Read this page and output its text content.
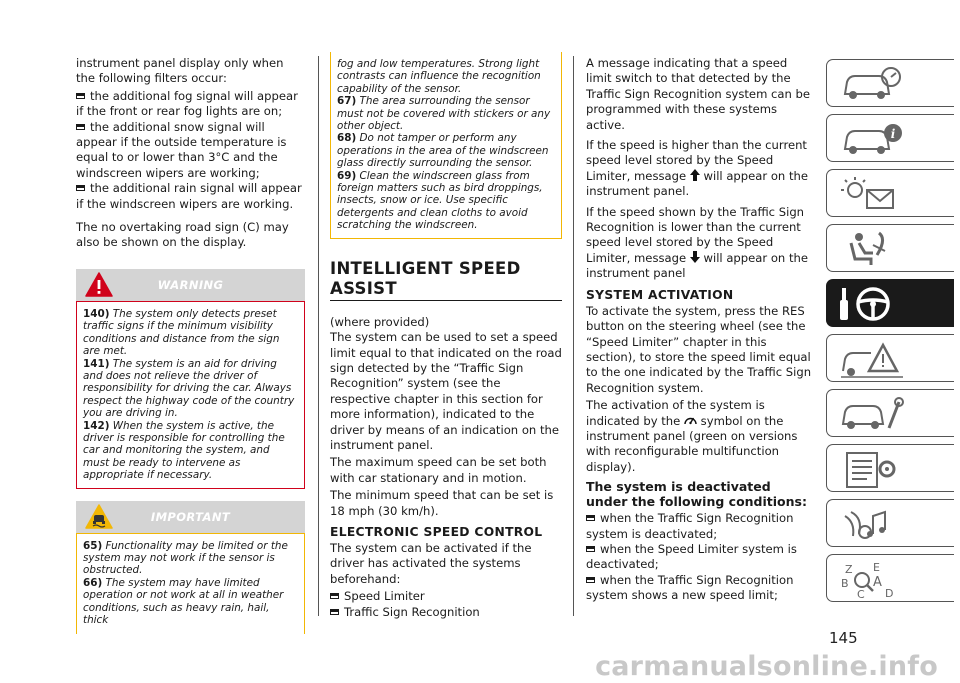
instrument panel display only when the following filters occur:

the additional fog signal will appear if the front or rear fog lights are on;
the additional snow signal will appear if the outside temperature is equal to or lower than 3°C and the windscreen wipers are working;
the additional rain signal will appear if the windscreen wipers are working.

The no overtaking road sign (C) may also be shown on the display.

WARNING

140) The system only detects preset traffic signs if the minimum visibility conditions and distance from the sign are met.

141) The system is an aid for driving and does not relieve the driver of responsibility for driving the car. Always respect the highway code of the country you are driving in.

142) When the system is active, the driver is responsible for controlling the car and monitoring the system, and must be ready to intervene as appropriate if necessary.

IMPORTANT

65) Functionality may be limited or the system may not work if the sensor is obstructed.

66) The system may have limited operation or not work at all in weather conditions, such as heavy rain, hail, thick

fog and low temperatures. Strong light contrasts can influence the recognition capability of the sensor.

67) The area surrounding the sensor must not be covered with stickers or any other object.

68) Do not tamper or perform any operations in the area of the windscreen glass directly surrounding the sensor.

69) Clean the windscreen glass from foreign matters such as bird droppings, insects, snow or ice. Use specific detergents and clean cloths to avoid scratching the windscreen.

INTELLIGENT SPEED ASSIST

(where provided)
The system can be used to set a speed limit equal to that indicated on the road sign detected by the “Traffic Sign Recognition” system (see the respective chapter in this section for more information), indicated to the driver by means of an indication on the instrument panel.

The maximum speed can be set both with car stationary and in motion.

The minimum speed that can be set is 18 mph (30 km/h).

ELECTRONIC SPEED CONTROL

The system can be activated if the driver has activated the systems beforehand:

Speed Limiter
Traffic Sign Recognition

A message indicating that a speed limit switch to that detected by the Traffic Sign Recognition system can be programmed with these systems active.

If the speed is higher than the current speed level stored by the Speed Limiter, message will appear on the instrument panel.

If the speed shown by the Traffic Sign Recognition is lower than the current speed level stored by the Speed Limiter, message will appear on the instrument panel

SYSTEM ACTIVATION

To activate the system, press the RES button on the steering wheel (see the “Speed Limiter” chapter in this section), to store the speed limit equal to the one indicated by the Traffic Sign Recognition system.

The activation of the system is indicated by the symbol on the instrument panel (green on versions with reconfigurable multifunction display).

The system is deactivated under the following conditions:
when the Traffic Sign Recognition system is deactivated;
when the Speed Limiter system is deactivated;
when the Traffic Sign Recognition system shows a new speed limit;
i
Z E
B A
C D
145
carmanualsonline.info
